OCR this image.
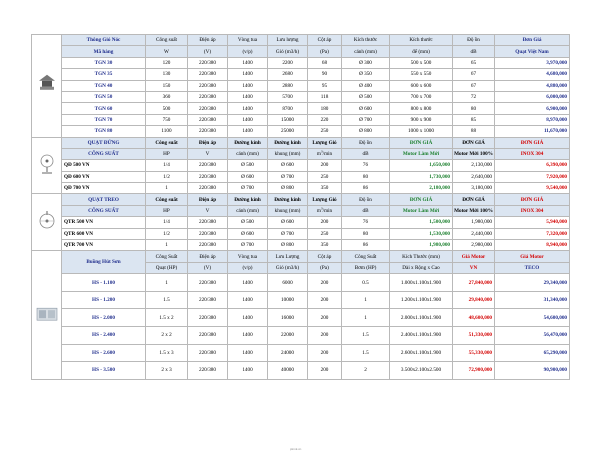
	Thông Gió Nóc	Công suất	Điện áp	Vòng tua	Lưu lượng	Cột áp	Kích thước	Kích thước	Độ ồn	Đơn Giá
	Mã hàng	W	(V)	(v/p)	Gió (m3/h)	(Pa)	cánh (mm)	đế (mm)	dB	Quạt Việt Nam
	TGN 30	120	220/380	1400	2200	68	Ø 300	500 x 500	65	3,970,000
	TGN 35	130	220/380	1400	2680	90	Ø 350	550 x 550	67	4,680,000
	TGN 40	150	220/380	1400	2880	95	Ø 400	600 x 600	67	4,880,000
	TGN 50	360	220/380	1400	5700	118	Ø 500	700 x 700	72	6,000,000
	TGN 60	500	220/380	1400	8700	180	Ø 600	800 x 800	80	6,900,000
	TGN 70	750	220/380	1400	15000	220	Ø 700	900 x 900	85	8,970,000
	TGN 80	1100	220/380	1400	25000	250	Ø 800	1000 x 1000	88	11,670,000

	QUẠT ĐỨNG	Công suất	Điện áp	Đường kính	Đường kính	Lượng Gió	Độ ồn	ĐƠN GIÁ	ĐƠN GIÁ	ĐƠN GIÁ
	CÔNG SUẤT	HP	V	cánh (mm)	khung (mm)	$m^3/\min$	dB	Motor Làm Mới	Motor Mới 100%	INOX 304
	QĐ 500 VN	1/4	220/380	Ø 500	Ø 600	200	76	1,650,000	2,130,000	6,390,000
	QĐ 600 VN	1/2	220/380	Ø 600	Ø 700	250	80	1,730,000	2,640,000	7,920,000
	QĐ 700 VN	1	220/380	Ø 700	Ø 800	350	86	2,180,000	3,180,000	9,540,000

	QUẠT TREO	Công suất	Điện áp	Đường kính	Đường kính	Lượng Gió	Độ ồn	ĐƠN GIÁ	ĐƠN GIÁ	ĐƠN GIÁ
	CÔNG SUẤT	HP	V	cánh (mm)	khung (mm)	$m^3/\min$	dB	Motor Làm Mới	Motor Mới 100%	INOX 304
	QTR 500 VN	1/4	220/380	Ø 500	Ø 600	200	76	1,500,000	1,980,000	5,940,000
	QTR 600 VN	1/2	220/380	Ø 600	Ø 700	250	80	1,530,000	2,440,000	7,320,000
	QTR 700 VN	1	220/380	Ø 700	Ø 800	350	86	1,980,000	2,980,000	8,940,000

	Buồng Hút Sơn	Công Suất	Điện áp	Vòng tua	Lưu Lượng	Cột áp	Công Suất	Kích Thước (mm)	Giá Motor	Giá Motor
		Quạt (HP)	(V)	(v/p)	Gió (m3/h)	(Pa)	Bơm (HP)	Dài x Rộng x Cao	VN	TECO
	HS - 1.100	1	220/380	1400	6000	200	0.5	1.000x1.100x1.900	27,840,000	29,340,000
	HS - 1.200	1.5	220/380	1400	10000	200	1	1.200x1.100x1.900	29,840,000	31,340,000
	HS - 2.000	1.5 x 2	220/380	1400	16000	200	1	2.000x1.100x1.900	48,600,000	54,600,000
	HS - 2.400	2 x 2	220/380	1400	22000	200	1.5	2.400x1.100x1.900	51,330,000	56,470,000
	HS - 2.600	1.5 x 3	220/380	1400	24000	200	1.5	2.600x1.100x1.900	55,330,000	65,290,000
	HS - 3.500	2 x 3	220/380	1400	40000	200	2	3.500x2.100x2.500	72,900,000	90,900,000
ptnnk.vn
